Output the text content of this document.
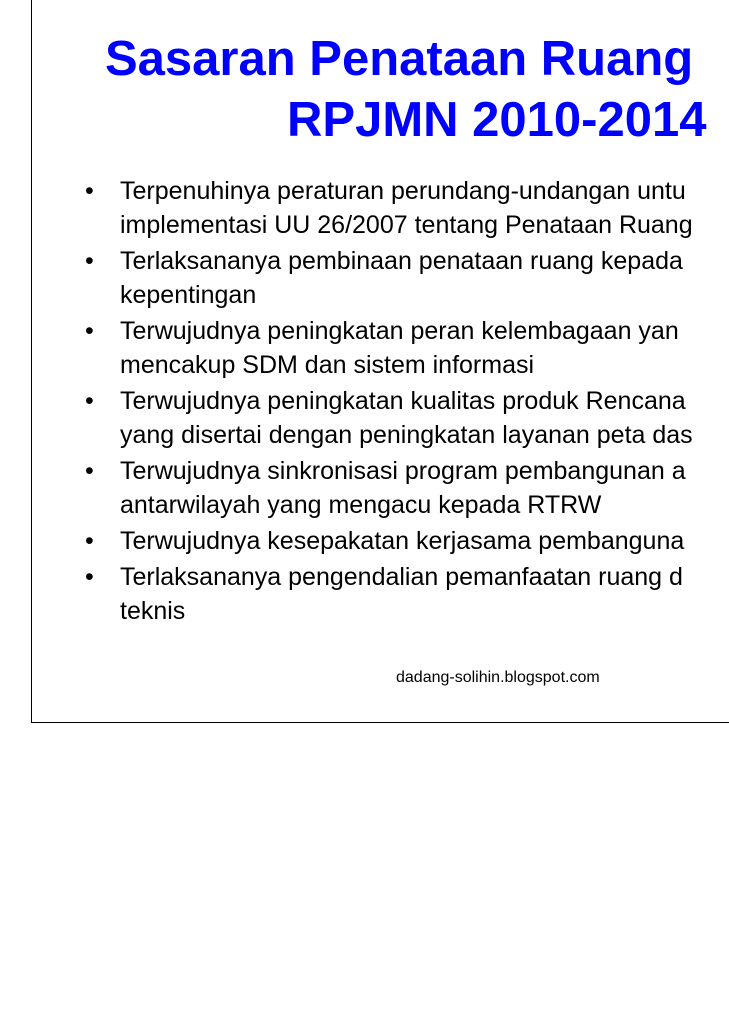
Sasaran Penataan Ruang
RPJMN 2010-2014
• Terpenuhinya peraturan perundang-undangan untu
implementasi UU 26/2007 tentang Penataan Ruang
• Terlaksananya pembinaan penataan ruang kepada
kepentingan
• Terwujudnya peningkatan peran kelembagaan yan
mencakup SDM dan sistem informasi
• Terwujudnya peningkatan kualitas produk Rencana
yang disertai dengan peningkatan layanan peta das
• Terwujudnya sinkronisasi program pembangunan a
antarwilayah yang mengacu kepada RTRW
• Terwujudnya kesepakatan kerjasama pembanguna
• Terlaksananya pengendalian pemanfaatan ruang d
teknis
dadang-solihin.blogspot.com
